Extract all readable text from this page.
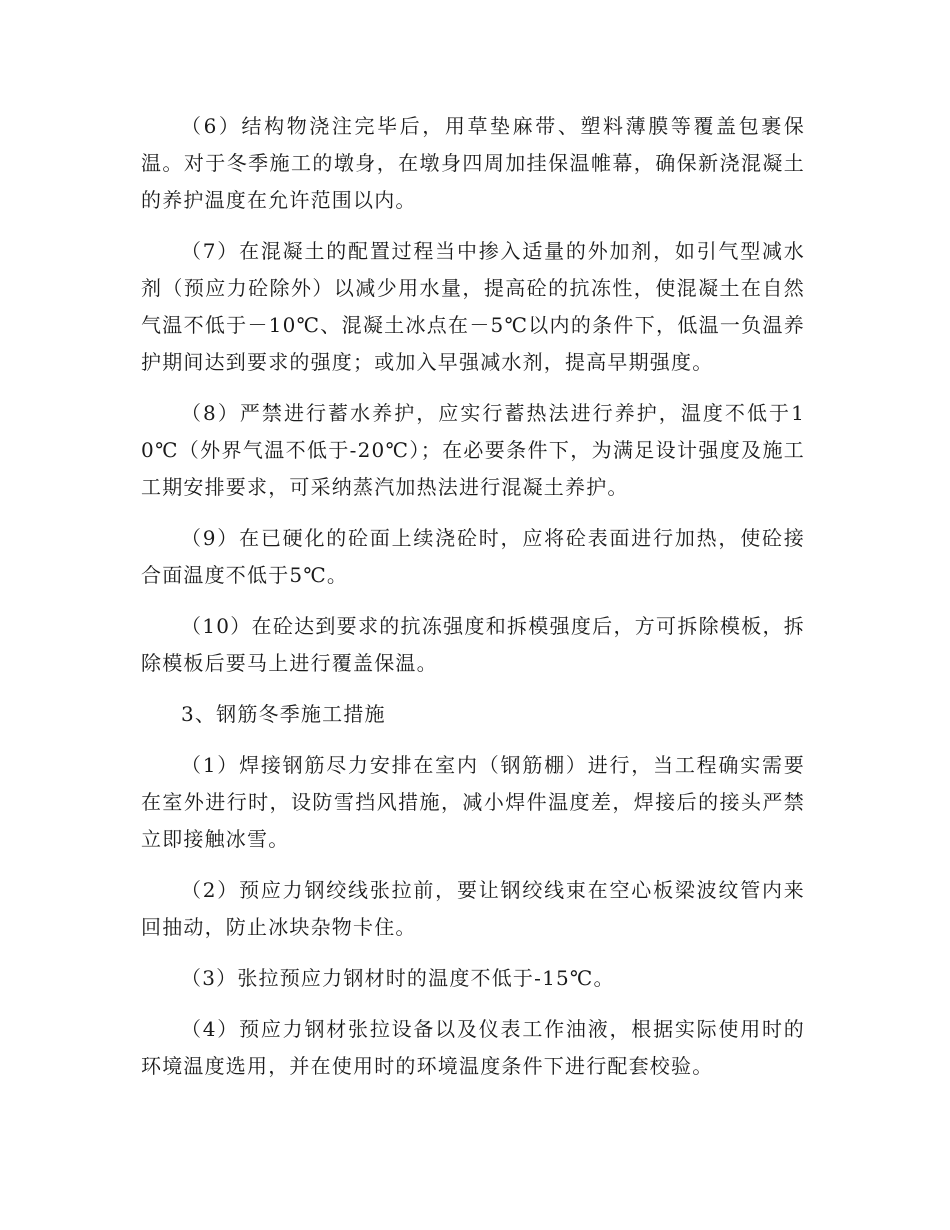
（6）结构物浇注完毕后，用草垫麻带、塑料薄膜等覆盖包裹保温。对于冬季施工的墩身，在墩身四周加挂保温帷幕，确保新浇混凝土的养护温度在允许范围以内。

（7）在混凝土的配置过程当中掺入适量的外加剂，如引气型减水剂（预应力砼除外）以减少用水量，提高砼的抗冻性，使混凝土在自然气温不低于－10℃、混凝土冰点在－5℃以内的条件下，低温一负温养护期间达到要求的强度；或加入早强减水剂，提高早期强度。

（8）严禁进行蓄水养护，应实行蓄热法进行养护，温度不低于10℃（外界气温不低于-20℃）；在必要条件下，为满足设计强度及施工工期安排要求，可采纳蒸汽加热法进行混凝土养护。

（9）在已硬化的砼面上续浇砼时，应将砼表面进行加热，使砼接合面温度不低于5℃。

（10）在砼达到要求的抗冻强度和拆模强度后，方可拆除模板，拆除模板后要马上进行覆盖保温。

3、钢筋冬季施工措施

（1）焊接钢筋尽力安排在室内（钢筋棚）进行，当工程确实需要在室外进行时，设防雪挡风措施，减小焊件温度差，焊接后的接头严禁立即接触冰雪。

（2）预应力钢绞线张拉前，要让钢绞线束在空心板梁波纹管内来回抽动，防止冰块杂物卡住。

（3）张拉预应力钢材时的温度不低于-15℃。

（4）预应力钢材张拉设备以及仪表工作油液，根据实际使用时的环境温度选用，并在使用时的环境温度条件下进行配套校验。
